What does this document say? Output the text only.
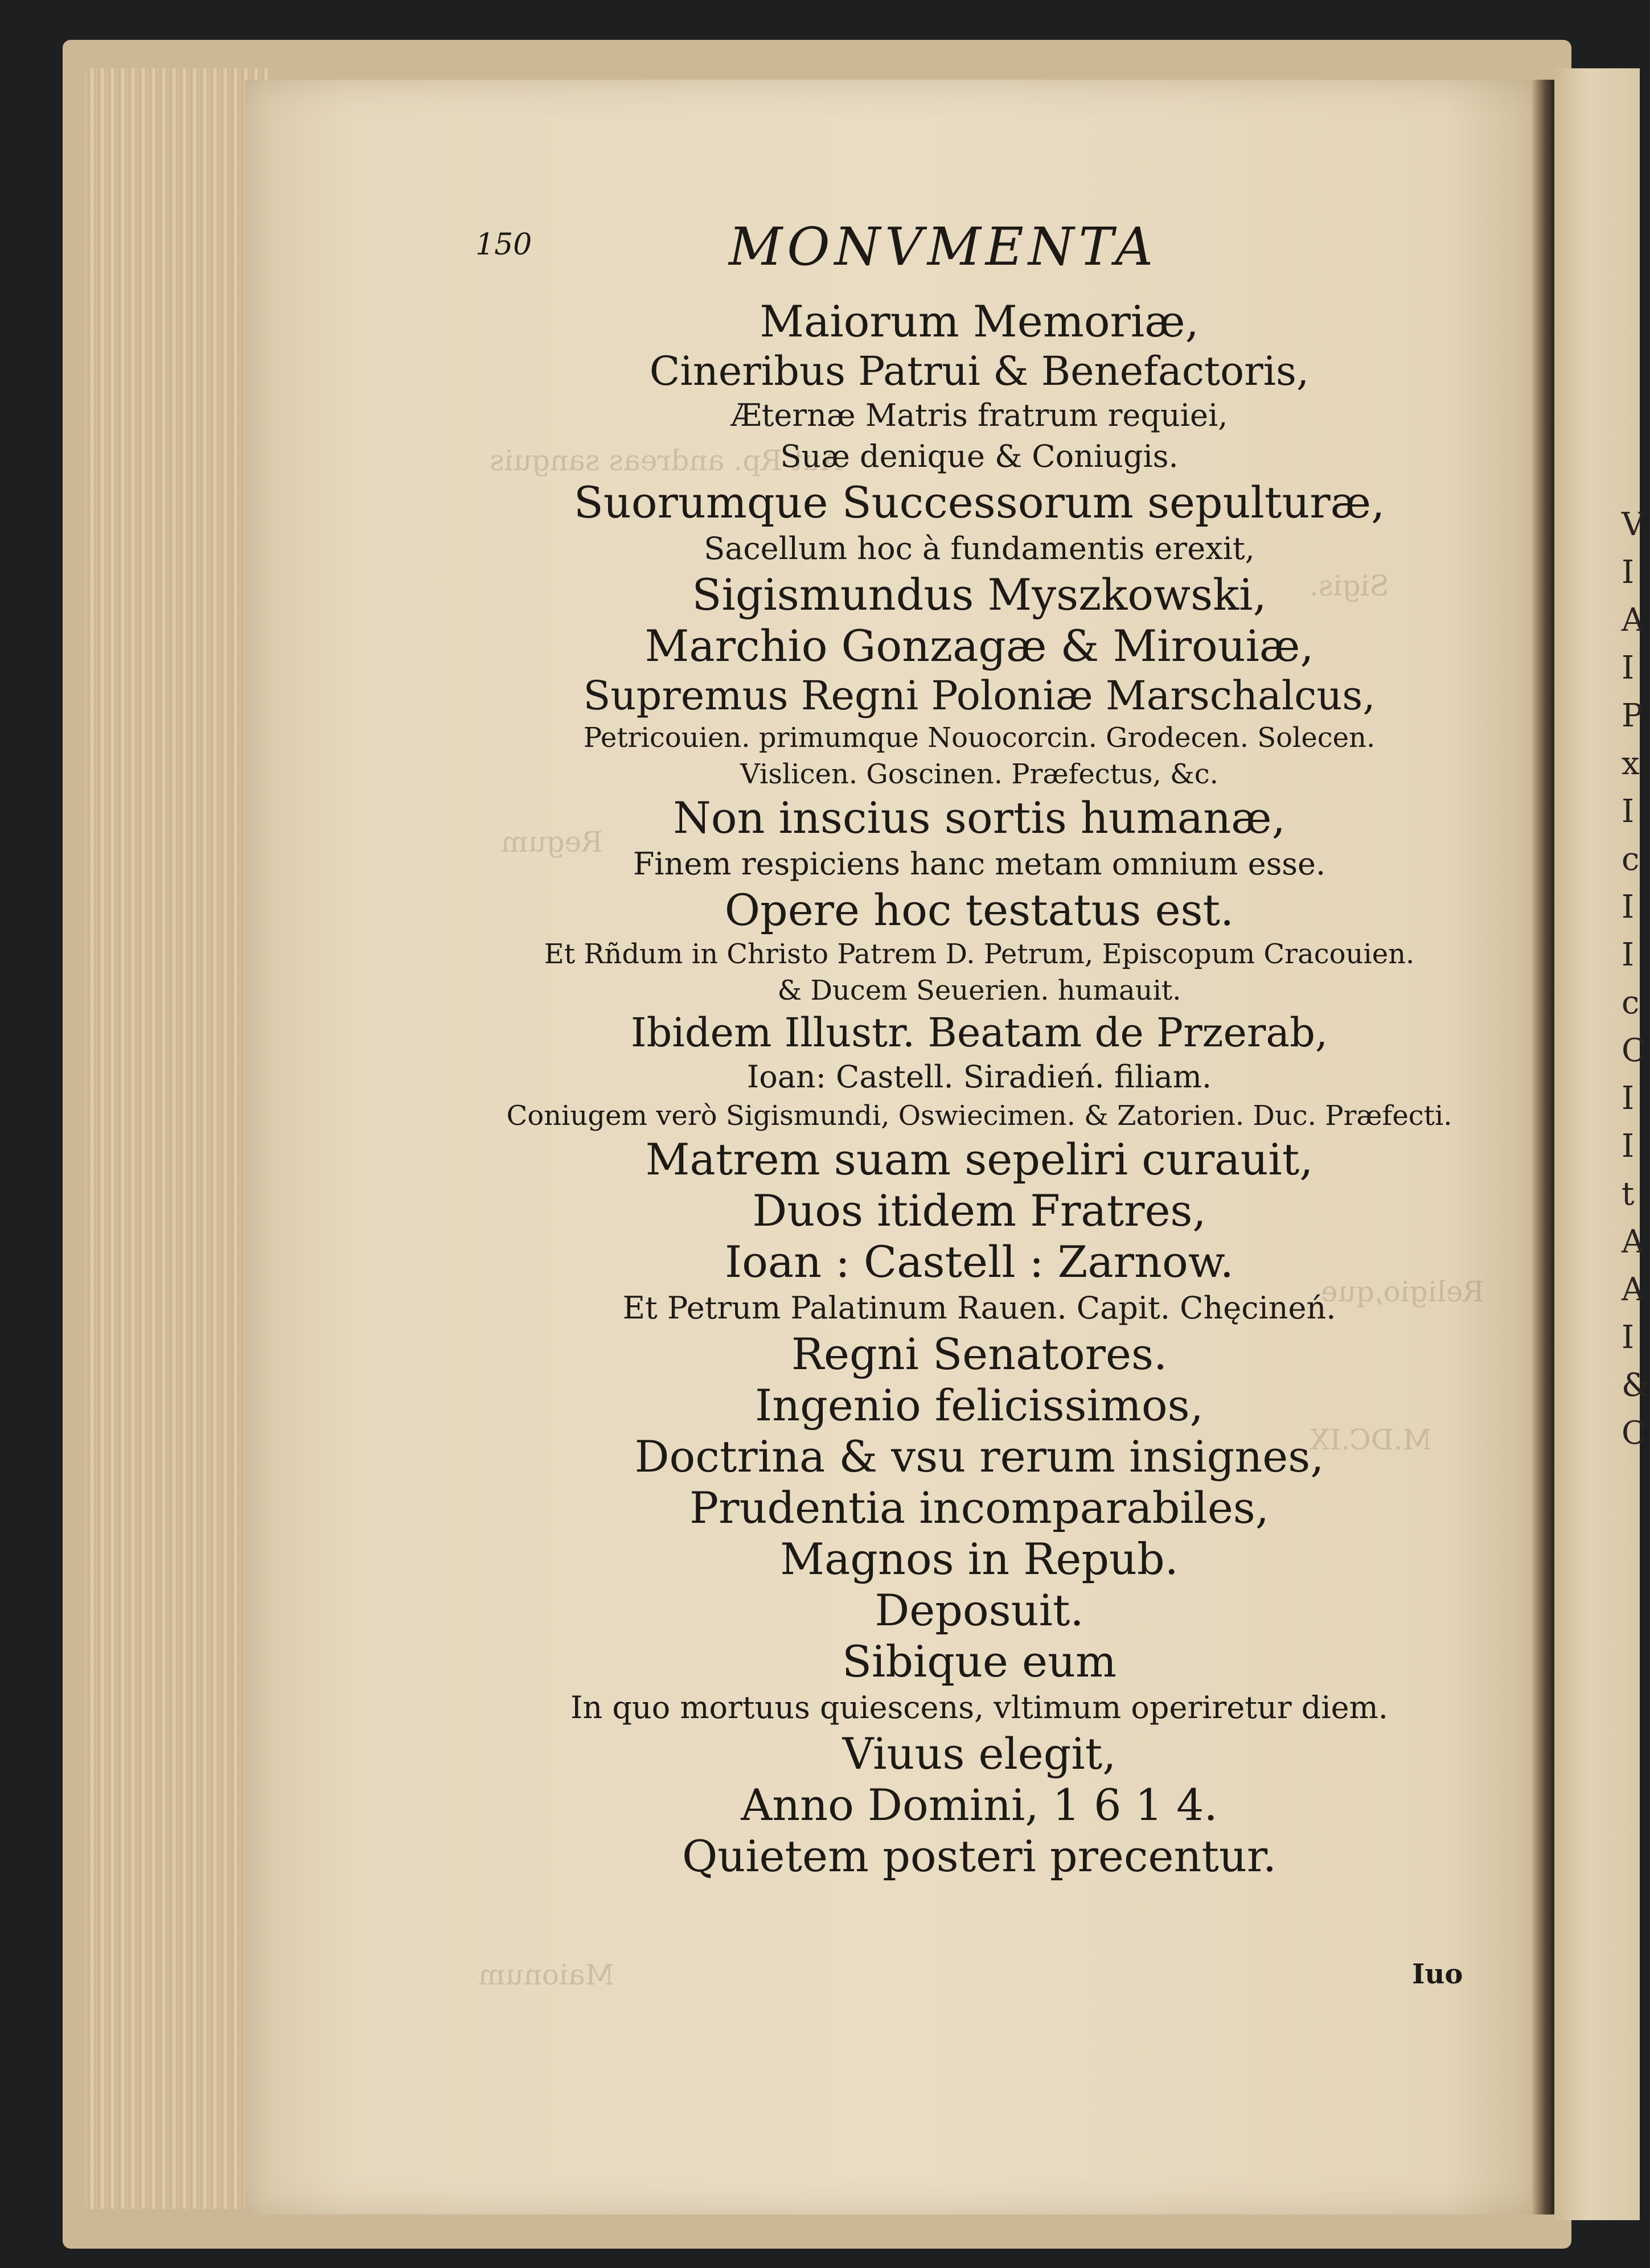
V
I
A
I
P
x
I
c
I
I
c
C
I
I
t
A
A
I
&
C
Aut Rp. andreas sanguis
Sigis.
Regum
Religio,que
M.DC.IX
Maionum
150	MONVMENTA
Maiorum Memoriæ,
Cineribus Patrui & Benefactoris,
Æternæ Matris fratrum requiei,
Suæ denique & Coniugis.
Suorumque Successorum sepulturæ,
Sacellum hoc à fundamentis erexit,
Sigismundus Myszkowski,
Marchio Gonzagæ & Mirouiæ,
Supremus Regni Poloniæ Marschalcus,
Petricouien. primumque Nouocorcin. Grodecen. Solecen.
Vislicen. Goscinen. Præfectus, &c.
Non inscius sortis humanæ,
Finem respiciens hanc metam omnium esse.
Opere hoc testatus est.
Et Rñdum in Christo Patrem D. Petrum, Episcopum Cracouien.
& Ducem Seuerien. humauit.
Ibidem Illustr. Beatam de Przerab,
Ioan: Castell. Siradień. filiam.
Coniugem verò Sigismundi, Oswiecimen. & Zatorien. Duc. Præfecti.
Matrem suam sepeliri curauit,
Duos itidem Fratres,
Ioan : Castell : Zarnow.
Et Petrum Palatinum Rauen. Capit. Chęcineń.
Regni Senatores.
Ingenio felicissimos,
Doctrina & vsu rerum insignes,
Prudentia incomparabiles,
Magnos in Repub.
Deposuit.
Sibique eum
In quo mortuus quiescens, vltimum operiretur diem.
Viuus elegit,
Anno Domini, 1 6 1 4.
Quietem posteri precentur.
Iuo
